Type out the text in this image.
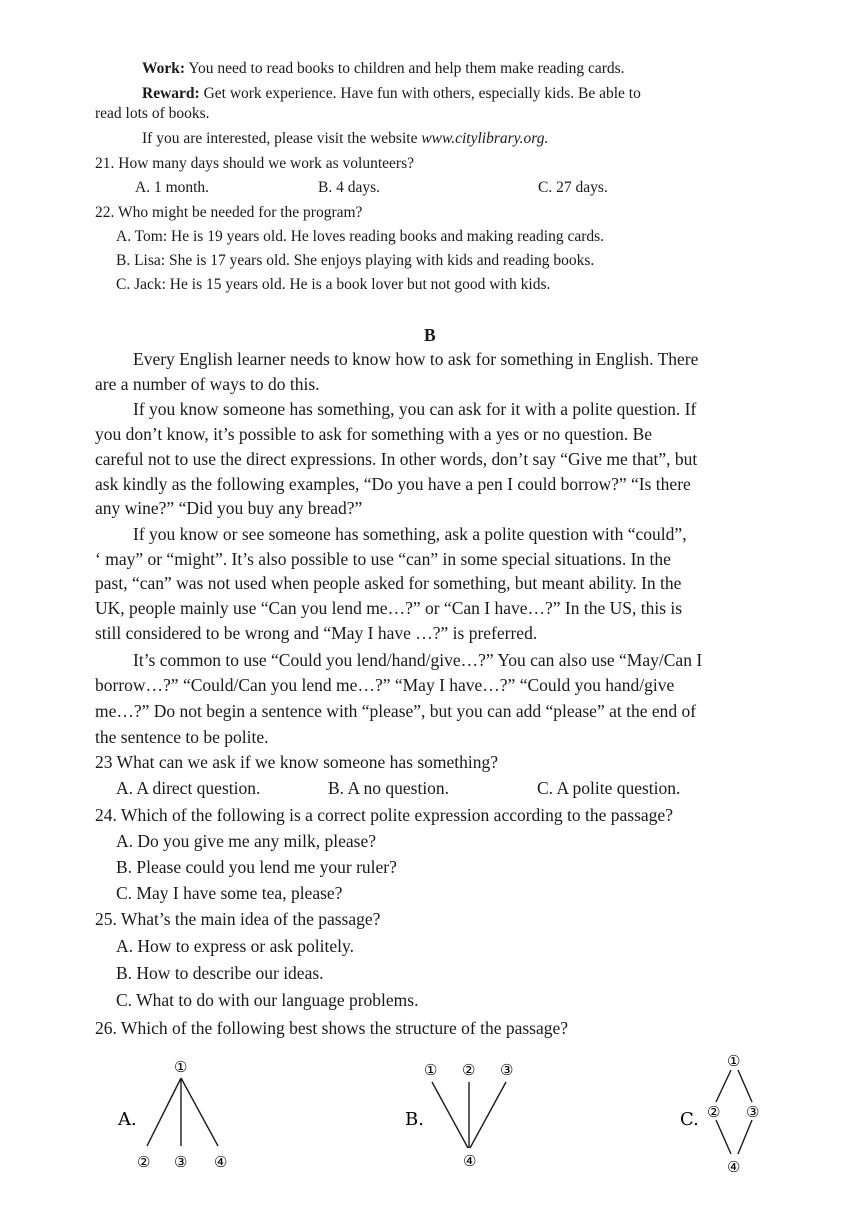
Work: You need to read books to children and help them make reading cards.
Reward: Get work experience. Have fun with others, especially kids. Be able to
read lots of books.
If you are interested, please visit the website www.citylibrary.org.
21. How many days should we work as volunteers?
A. 1 month.	B. 4 days.	C. 27 days.
22. Who might be needed for the program?
A. Tom: He is 19 years old. He loves reading books and making reading cards.
B. Lisa: She is 17 years old. She enjoys playing with kids and reading books.
C. Jack: He is 15 years old. He is a book lover but not good with kids.
B
Every English learner needs to know how to ask for something in English. There
are a number of ways to do this.
If you know someone has something, you can ask for it with a polite question. If
you don’t know, it’s possible to ask for something with a yes or no question. Be
careful not to use the direct expressions. In other words, don’t say “Give me that”, but
ask kindly as the following examples, “Do you have a pen I could borrow?” “Is there
any wine?” “Did you buy any bread?”
If you know or see someone has something, ask a polite question with “could”,
‘ may” or “might”. It’s also possible to use “can” in some special situations. In the
past, “can” was not used when people asked for something, but meant ability. In the
UK, people mainly use “Can you lend me…?” or “Can I have…?” In the US, this is
still considered to be wrong and “May I have …?” is preferred.
It’s common to use “Could you lend/hand/give…?” You can also use “May/Can I
borrow…?” “Could/Can you lend me…?” “May I have…?” “Could you hand/give
me…?” Do not begin a sentence with “please”, but you can add “please” at the end of
the sentence to be polite.
23 What can we ask if we know someone has something?
A. A direct question.	B. A no question.	C. A polite question.
24. Which of the following is a correct polite expression according to the passage?
A. Do you give me any milk, please?
B. Please could you lend me your ruler?
C. May I have some tea, please?
25. What’s the main idea of the passage?
A. How to express or ask politely.
B. How to describe our ideas.
C. What to do with our language problems.
26. Which of the following best shows the structure of the passage?
A.
①
② ③ ④
B.
① ② ③
④
C.
①
② ③
④
